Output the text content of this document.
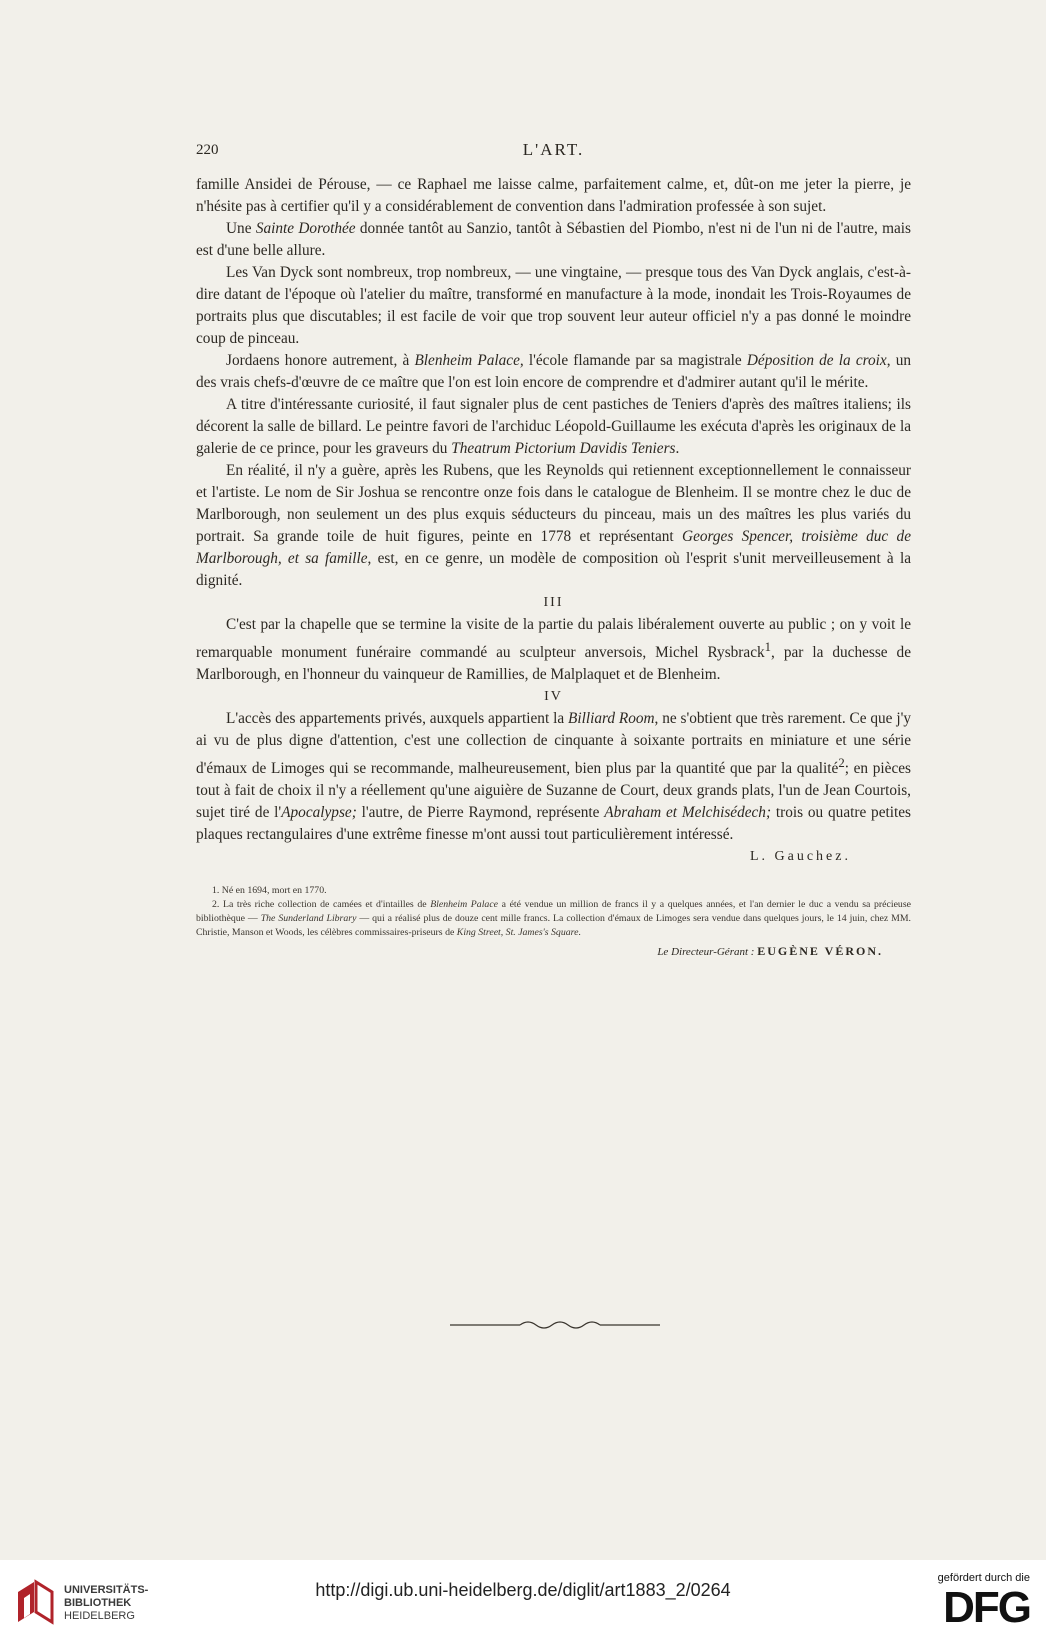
220	L'ART.

famille Ansidei de Pérouse, — ce Raphael me laisse calme, parfaitement calme, et, dût-on me jeter la pierre, je n'hésite pas à certifier qu'il y a considérablement de convention dans l'admiration professée à son sujet.

Une Sainte Dorothée donnée tantôt au Sanzio, tantôt à Sébastien del Piombo, n'est ni de l'un ni de l'autre, mais est d'une belle allure.

Les Van Dyck sont nombreux, trop nombreux, — une vingtaine, — presque tous des Van Dyck anglais, c'est-à-dire datant de l'époque où l'atelier du maître, transformé en manufacture à la mode, inondait les Trois-Royaumes de portraits plus que discutables; il est facile de voir que trop souvent leur auteur officiel n'y a pas donné le moindre coup de pinceau.

Jordaens honore autrement, à Blenheim Palace, l'école flamande par sa magistrale Déposition de la croix, un des vrais chefs-d'œuvre de ce maître que l'on est loin encore de comprendre et d'admirer autant qu'il le mérite.

A titre d'intéressante curiosité, il faut signaler plus de cent pastiches de Teniers d'après des maîtres italiens; ils décorent la salle de billard. Le peintre favori de l'archiduc Léopold-Guillaume les exécuta d'après les originaux de la galerie de ce prince, pour les graveurs du Theatrum Pictorium Davidis Teniers.

En réalité, il n'y a guère, après les Rubens, que les Reynolds qui retiennent exceptionnellement le connaisseur et l'artiste. Le nom de Sir Joshua se rencontre onze fois dans le catalogue de Blenheim. Il se montre chez le duc de Marlborough, non seulement un des plus exquis séducteurs du pinceau, mais un des maîtres les plus variés du portrait. Sa grande toile de huit figures, peinte en 1778 et représentant Georges Spencer, troisième duc de Marlborough, et sa famille, est, en ce genre, un modèle de composition où l'esprit s'unit merveilleusement à la dignité.

III

C'est par la chapelle que se termine la visite de la partie du palais libéralement ouverte au public ; on y voit le remarquable monument funéraire commandé au sculpteur anversois, Michel Rysbrack$^1$, par la duchesse de Marlborough, en l'honneur du vainqueur de Ramillies, de Malplaquet et de Blenheim.

IV

L'accès des appartements privés, auxquels appartient la Billiard Room, ne s'obtient que très rarement. Ce que j'y ai vu de plus digne d'attention, c'est une collection de cinquante à soixante portraits en miniature et une série d'émaux de Limoges qui se recommande, malheureusement, bien plus par la quantité que par la qualité$^2$; en pièces tout à fait de choix il n'y a réellement qu'une aiguière de Suzanne de Court, deux grands plats, l'un de Jean Courtois, sujet tiré de l'Apocalypse; l'autre, de Pierre Raymond, représente Abraham et Melchisédech; trois ou quatre petites plaques rectangulaires d'une extrême finesse m'ont aussi tout particulièrement intéressé.

L. Gauchez.

1. Né en 1694, mort en 1770.

2. La très riche collection de camées et d'intailles de Blenheim Palace a été vendue un million de francs il y a quelques années, et l'an dernier le duc a vendu sa précieuse bibliothèque — The Sunderland Library — qui a réalisé plus de douze cent mille francs. La collection d'émaux de Limoges sera vendue dans quelques jours, le 14 juin, chez MM. Christie, Manson et Woods, les célèbres commissaires-priseurs de King Street, St. James's Square.

Le Directeur-Gérant : EUGÈNE VÉRON.

UNIVERSITÄTS-
BIBLIOTHEK
HEIDELBERG
http://digi.ub.uni-heidelberg.de/diglit/art1883_2/0264
gefördert durch die
DFG
